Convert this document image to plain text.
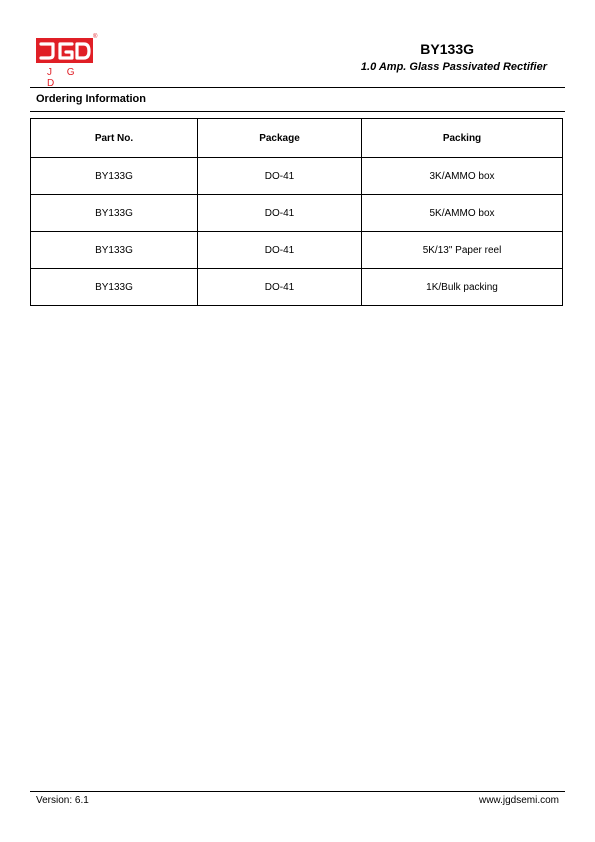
®
J G D
BY133G
1.0 Amp. Glass Passivated Rectifier
Ordering Information
Part No.	Package	Packing
BY133G	DO-41	3K/AMMO box
BY133G	DO-41	5K/AMMO box
BY133G	DO-41	5K/13" Paper reel
BY133G	DO-41	1K/Bulk packing
Version: 6.1	www.jgdsemi.com
